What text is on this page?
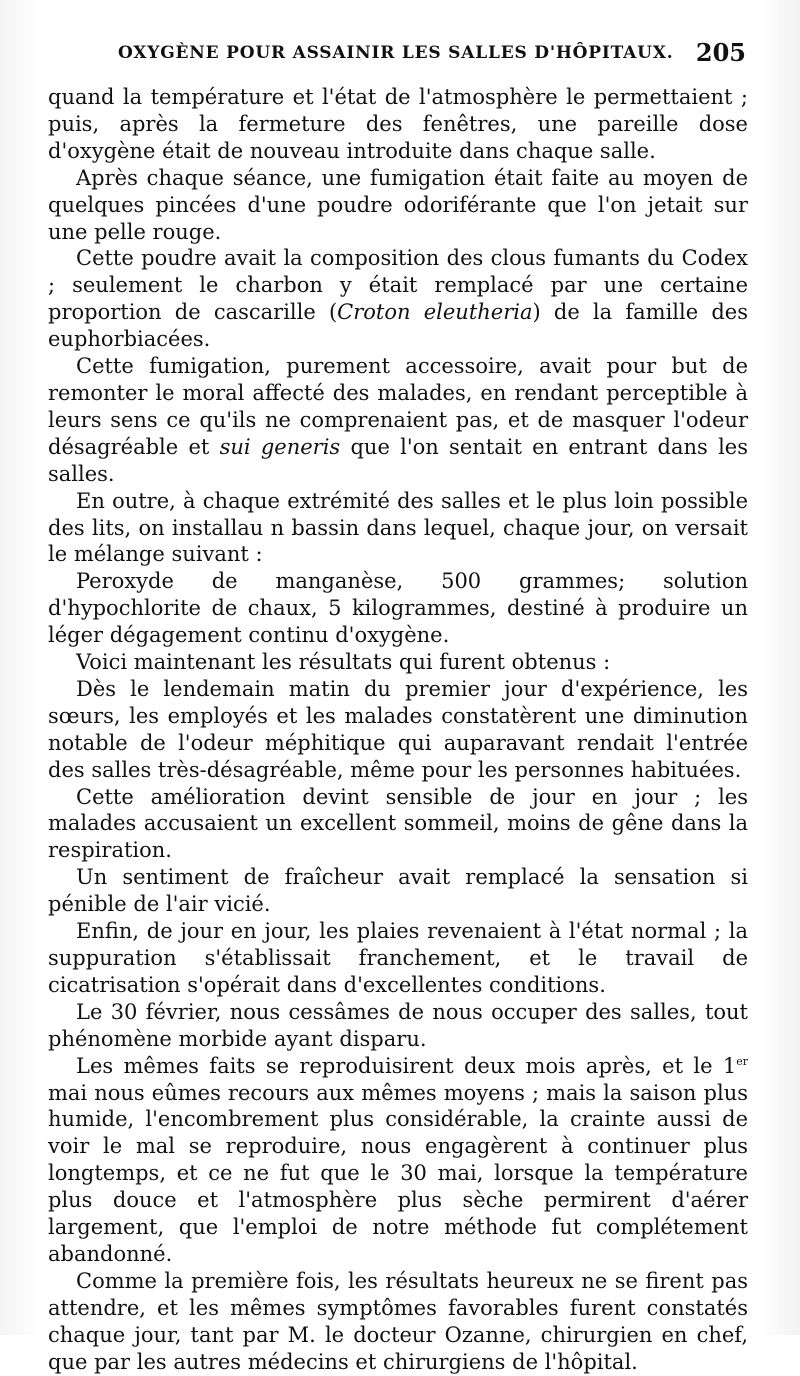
OXYGÈNE POUR ASSAINIR LES SALLES D'HÔPITAUX. 205

quand la température et l'état de l'atmosphère le permettaient ; puis, après la fermeture des fenêtres, une pareille dose d'oxygène était de nouveau introduite dans chaque salle.

Après chaque séance, une fumigation était faite au moyen de quelques pincées d'une poudre odoriférante que l'on jetait sur une pelle rouge.

Cette poudre avait la composition des clous fumants du Codex ; seulement le charbon y était remplacé par une certaine proportion de cascarille (Croton eleutheria) de la famille des euphorbiacées.

Cette fumigation, purement accessoire, avait pour but de remonter le moral affecté des malades, en rendant perceptible à leurs sens ce qu'ils ne comprenaient pas, et de masquer l'odeur désagréable et sui generis que l'on sentait en entrant dans les salles.

En outre, à chaque extrémité des salles et le plus loin possible des lits, on installau n bassin dans lequel, chaque jour, on versait le mélange suivant :

Peroxyde de manganèse, 500 grammes; solution d'hypochlorite de chaux, 5 kilogrammes, destiné à produire un léger dégagement continu d'oxygène.

Voici maintenant les résultats qui furent obtenus :

Dès le lendemain matin du premier jour d'expérience, les sœurs, les employés et les malades constatèrent une diminution notable de l'odeur méphitique qui auparavant rendait l'entrée des salles très-désagréable, même pour les personnes habituées.

Cette amélioration devint sensible de jour en jour ; les malades accusaient un excellent sommeil, moins de gêne dans la respiration.

Un sentiment de fraîcheur avait remplacé la sensation si pénible de l'air vicié.

Enfin, de jour en jour, les plaies revenaient à l'état normal ; la suppuration s'établissait franchement, et le travail de cicatrisation s'opérait dans d'excellentes conditions.

Le 30 février, nous cessâmes de nous occuper des salles, tout phénomène morbide ayant disparu.

Les mêmes faits se reproduisirent deux mois après, et le 1er mai nous eûmes recours aux mêmes moyens ; mais la saison plus humide, l'encombrement plus considérable, la crainte aussi de voir le mal se reproduire, nous engagèrent à continuer plus longtemps, et ce ne fut que le 30 mai, lorsque la température plus douce et l'atmosphère plus sèche permirent d'aérer largement, que l'emploi de notre méthode fut complétement abandonné.

Comme la première fois, les résultats heureux ne se firent pas attendre, et les mêmes symptômes favorables furent constatés chaque jour, tant par M. le docteur Ozanne, chirurgien en chef, que par les autres médecins et chirurgiens de l'hôpital.
